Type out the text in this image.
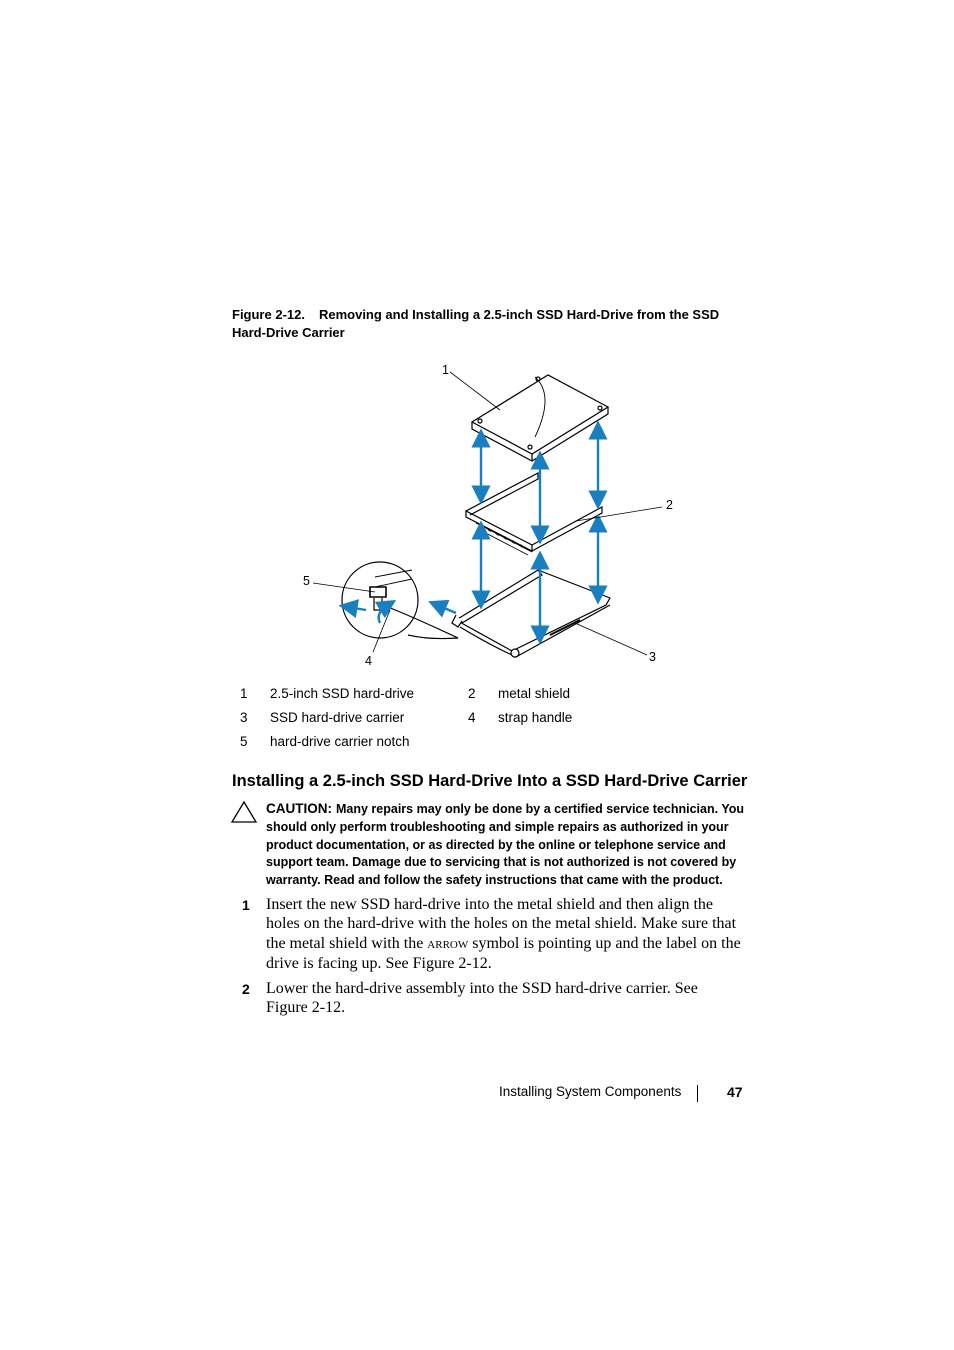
Figure 2-12. Removing and Installing a 2.5-inch SSD Hard-Drive from the SSD Hard-Drive Carrier
1
2
3
4
5
1 2.5-inch SSD hard-drive	2 metal shield
3 SSD hard-drive carrier	4 strap handle
5 hard-drive carrier notch
Installing a 2.5-inch SSD Hard-Drive Into a SSD Hard-Drive Carrier
CAUTION: Many repairs may only be done by a certified service technician. You should only perform troubleshooting and simple repairs as authorized in your product documentation, or as directed by the online or telephone service and support team. Damage due to servicing that is not authorized is not covered by warranty. Read and follow the safety instructions that came with the product.
1 Insert the new SSD hard-drive into the metal shield and then align the holes on the hard-drive with the holes on the metal shield. Make sure that the metal shield with the arrow symbol is pointing up and the label on the drive is facing up. See Figure 2-12.
2 Lower the hard-drive assembly into the SSD hard-drive carrier. See Figure 2-12.
Installing System Components	47
